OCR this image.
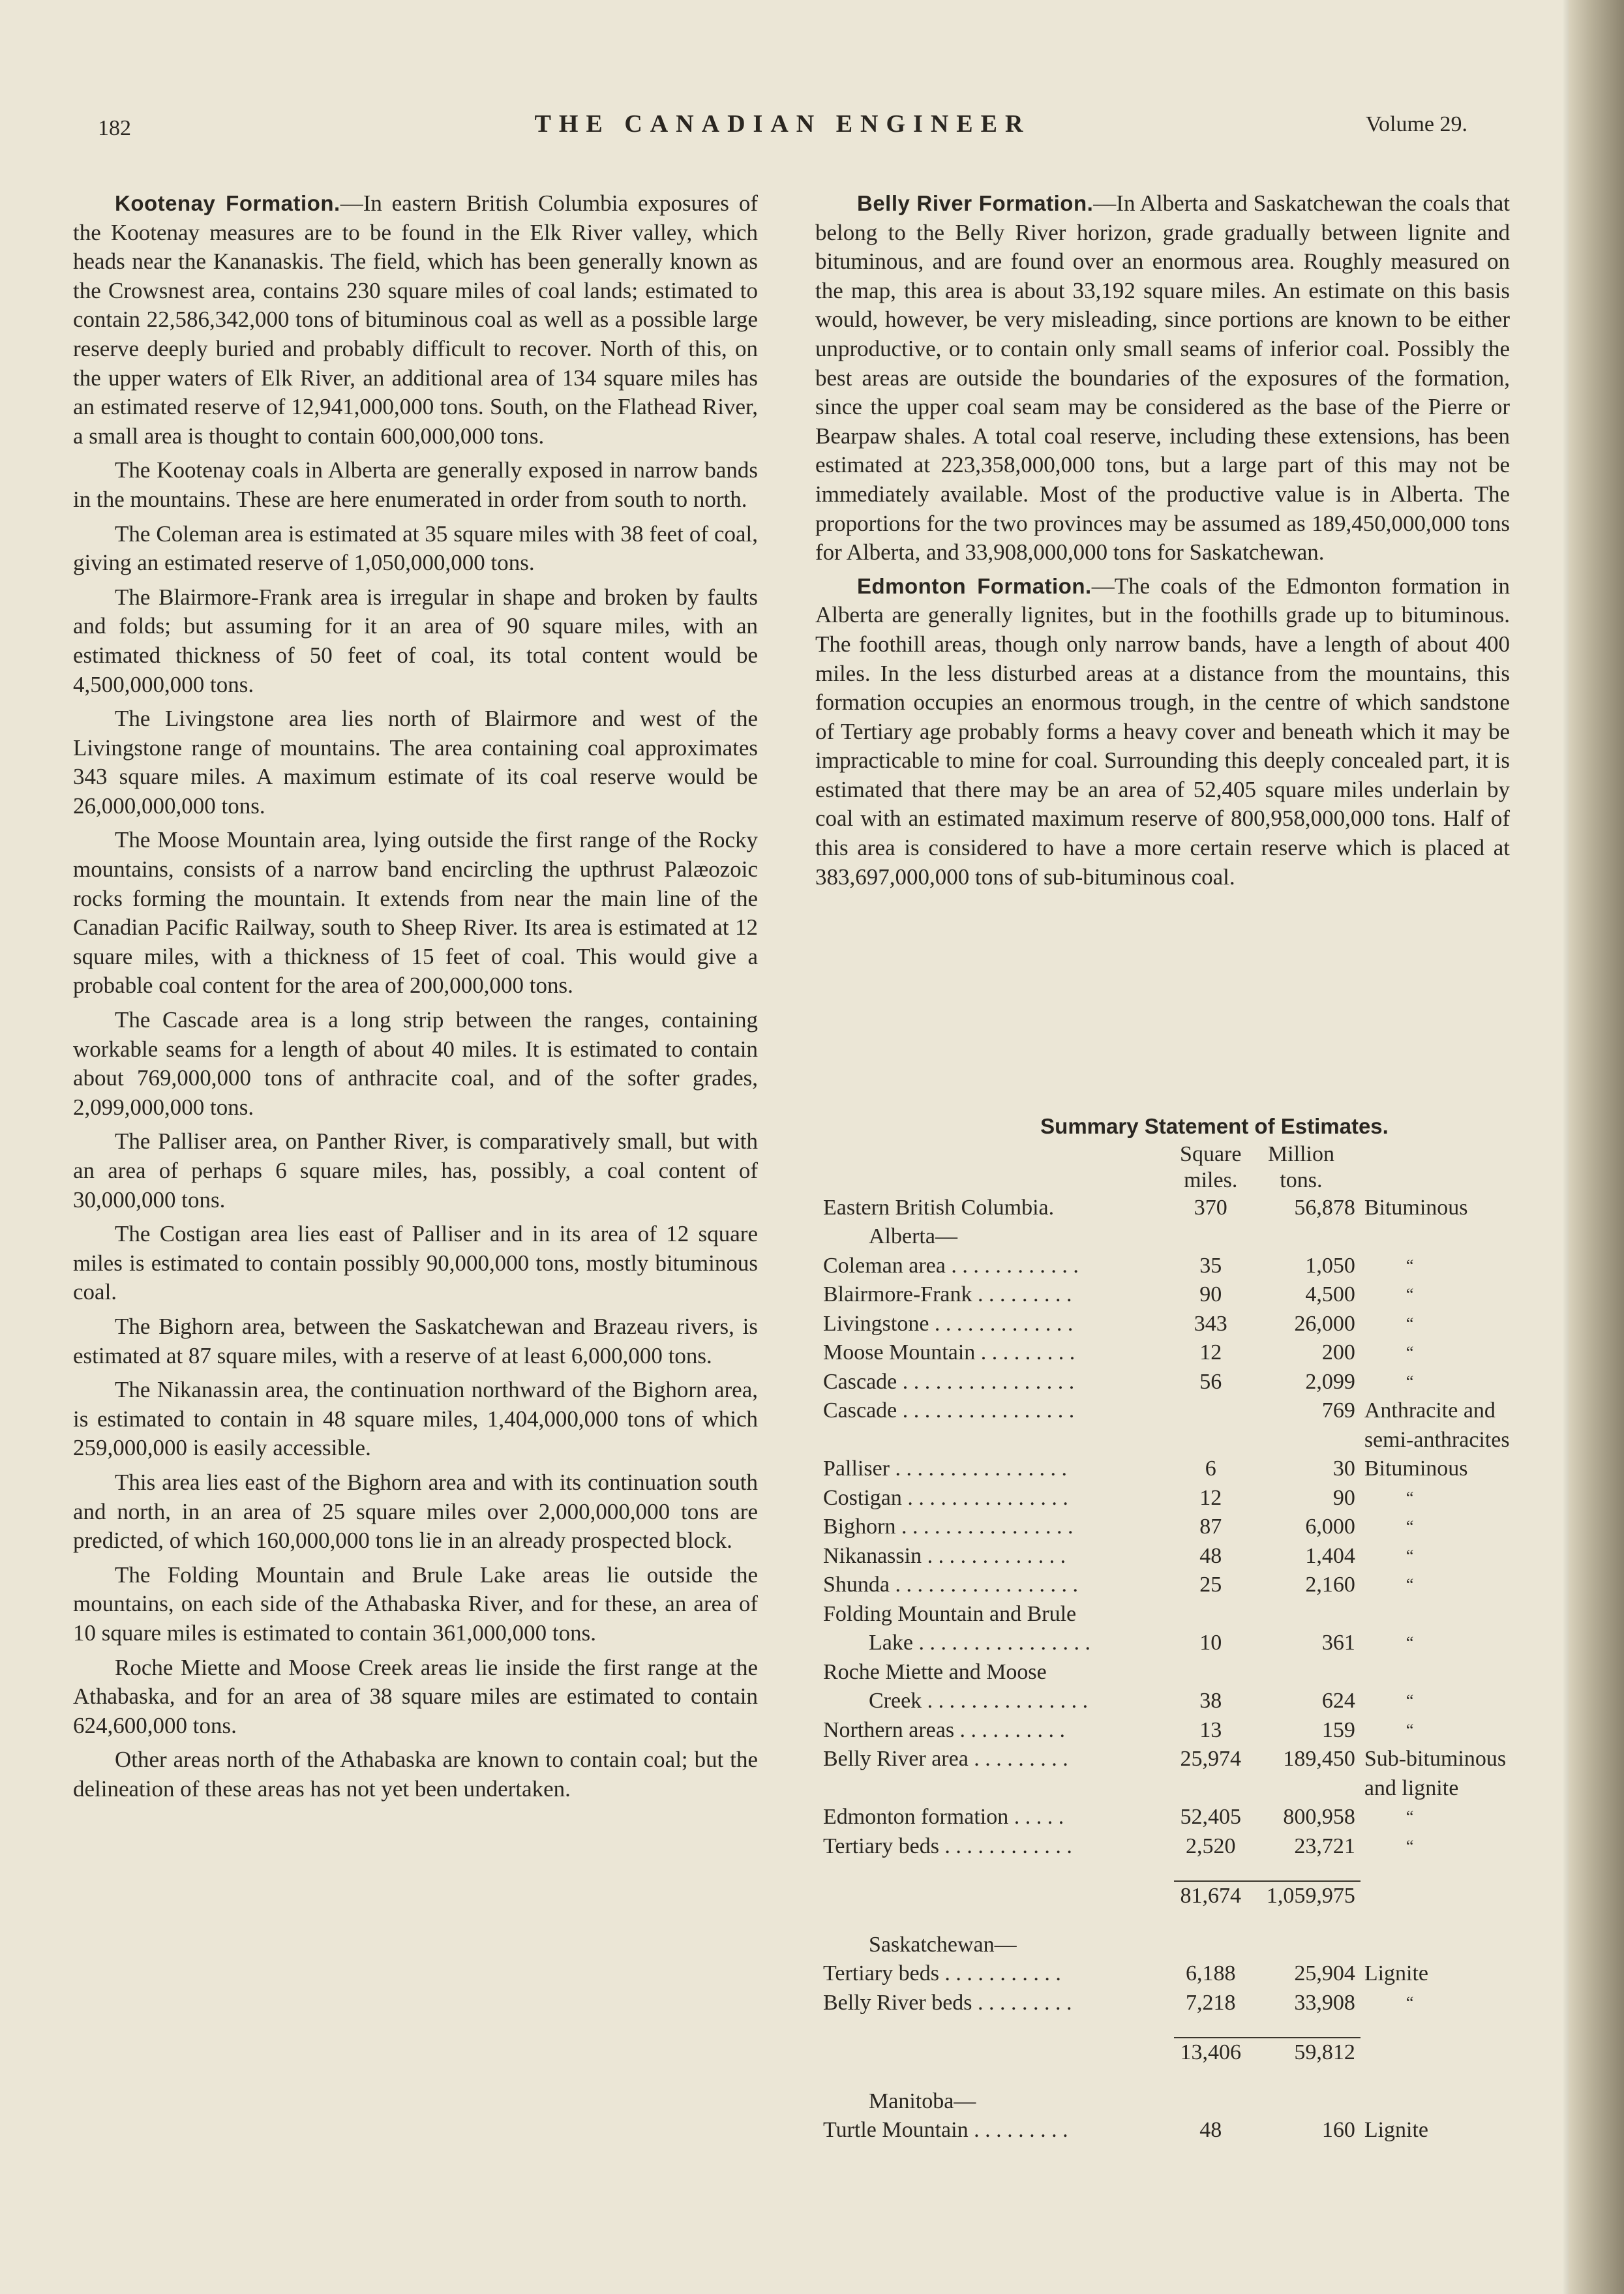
182	THE CANADIAN ENGINEER	Volume 29.

Kootenay Formation.—In eastern British Columbia exposures of the Kootenay measures are to be found in the Elk River valley, which heads near the Kananaskis. The field, which has been generally known as the Crowsnest area, contains 230 square miles of coal lands; estimated to contain 22,586,342,000 tons of bituminous coal as well as a possible large reserve deeply buried and probably difficult to recover. North of this, on the upper waters of Elk River, an additional area of 134 square miles has an estimated reserve of 12,941,000,000 tons. South, on the Flathead River, a small area is thought to contain 600,000,000 tons.

The Kootenay coals in Alberta are generally exposed in narrow bands in the mountains. These are here enumerated in order from south to north.

The Coleman area is estimated at 35 square miles with 38 feet of coal, giving an estimated reserve of 1,050,000,000 tons.

The Blairmore-Frank area is irregular in shape and broken by faults and folds; but assuming for it an area of 90 square miles, with an estimated thickness of 50 feet of coal, its total content would be 4,500,000,000 tons.

The Livingstone area lies north of Blairmore and west of the Livingstone range of mountains. The area containing coal approximates 343 square miles. A maximum estimate of its coal reserve would be 26,000,000,000 tons.

The Moose Mountain area, lying outside the first range of the Rocky mountains, consists of a narrow band encircling the upthrust Palæozoic rocks forming the mountain. It extends from near the main line of the Canadian Pacific Railway, south to Sheep River. Its area is estimated at 12 square miles, with a thickness of 15 feet of coal. This would give a probable coal content for the area of 200,000,000 tons.

The Cascade area is a long strip between the ranges, containing workable seams for a length of about 40 miles. It is estimated to contain about 769,000,000 tons of anthracite coal, and of the softer grades, 2,099,000,000 tons.

The Palliser area, on Panther River, is comparatively small, but with an area of perhaps 6 square miles, has, possibly, a coal content of 30,000,000 tons.

The Costigan area lies east of Palliser and in its area of 12 square miles is estimated to contain possibly 90,000,000 tons, mostly bituminous coal.

The Bighorn area, between the Saskatchewan and Brazeau rivers, is estimated at 87 square miles, with a reserve of at least 6,000,000 tons.

The Nikanassin area, the continuation northward of the Bighorn area, is estimated to contain in 48 square miles, 1,404,000,000 tons of which 259,000,000 is easily accessible.

This area lies east of the Bighorn area and with its continuation south and north, in an area of 25 square miles over 2,000,000,000 tons are predicted, of which 160,000,000 tons lie in an already prospected block.

The Folding Mountain and Brule Lake areas lie outside the mountains, on each side of the Athabaska River, and for these, an area of 10 square miles is estimated to contain 361,000,000 tons.

Roche Miette and Moose Creek areas lie inside the first range at the Athabaska, and for an area of 38 square miles are estimated to contain 624,600,000 tons.

Other areas north of the Athabaska are known to contain coal; but the delineation of these areas has not yet been undertaken.

Belly River Formation.—In Alberta and Saskatchewan the coals that belong to the Belly River horizon, grade gradually between lignite and bituminous, and are found over an enormous area. Roughly measured on the map, this area is about 33,192 square miles. An estimate on this basis would, however, be very misleading, since portions are known to be either unproductive, or to contain only small seams of inferior coal. Possibly the best areas are outside the boundaries of the exposures of the formation, since the upper coal seam may be considered as the base of the Pierre or Bearpaw shales. A total coal reserve, including these extensions, has been estimated at 223,358,000,000 tons, but a large part of this may not be immediately available. Most of the productive value is in Alberta. The proportions for the two provinces may be assumed as 189,450,000,000 tons for Alberta, and 33,908,000,000 tons for Saskatchewan.

Edmonton Formation.—The coals of the Edmonton formation in Alberta are generally lignites, but in the foothills grade up to bituminous. The foothill areas, though only narrow bands, have a length of about 400 miles. In the less disturbed areas at a distance from the mountains, this formation occupies an enormous trough, in the centre of which sandstone of Tertiary age probably forms a heavy cover and beneath which it may be impracticable to mine for coal. Surrounding this deeply concealed part, it is estimated that there may be an area of 52,405 square miles underlain by coal with an estimated maximum reserve of 800,958,000,000 tons. Half of this area is considered to have a more certain reserve which is placed at 383,697,000,000 tons of sub-bituminous coal.

Summary Statement of Estimates.
	Square	Million	
	miles.	tons.	
Eastern British Columbia.	370	56,878	Bituminous
Alberta—			
Coleman area . . . . . . . . . . . .	35	1,050	“
Blairmore-Frank . . . . . . . . .	90	4,500	“
Livingstone . . . . . . . . . . . . .	343	26,000	“
Moose Mountain . . . . . . . . .	12	200	“
Cascade . . . . . . . . . . . . . . . .	56	2,099	“
Cascade . . . . . . . . . . . . . . . .		769	Anthracite and semi-anthracites
Palliser . . . . . . . . . . . . . . . .	6	30	Bituminous
Costigan . . . . . . . . . . . . . . .	12	90	“
Bighorn . . . . . . . . . . . . . . . .	87	6,000	“
Nikanassin . . . . . . . . . . . . .	48	1,404	“
Shunda . . . . . . . . . . . . . . . . .	25	2,160	“
Folding Mountain and Brule			
Lake . . . . . . . . . . . . . . . .	10	361	“
Roche Miette and Moose			
Creek . . . . . . . . . . . . . . .	38	624	“
Northern areas . . . . . . . . . .	13	159	“
Belly River area . . . . . . . . .	25,974	189,450	Sub-bituminous and lignite
Edmonton formation . . . . .	52,405	800,958	“
Tertiary beds . . . . . . . . . . . .	2,520	23,721	“

	81,674	1,059,975	

Saskatchewan—			
Tertiary beds . . . . . . . . . . .	6,188	25,904	Lignite
Belly River beds . . . . . . . . .	7,218	33,908	“

	13,406	59,812	

Manitoba—			
Turtle Mountain . . . . . . . . .	48	160	Lignite
